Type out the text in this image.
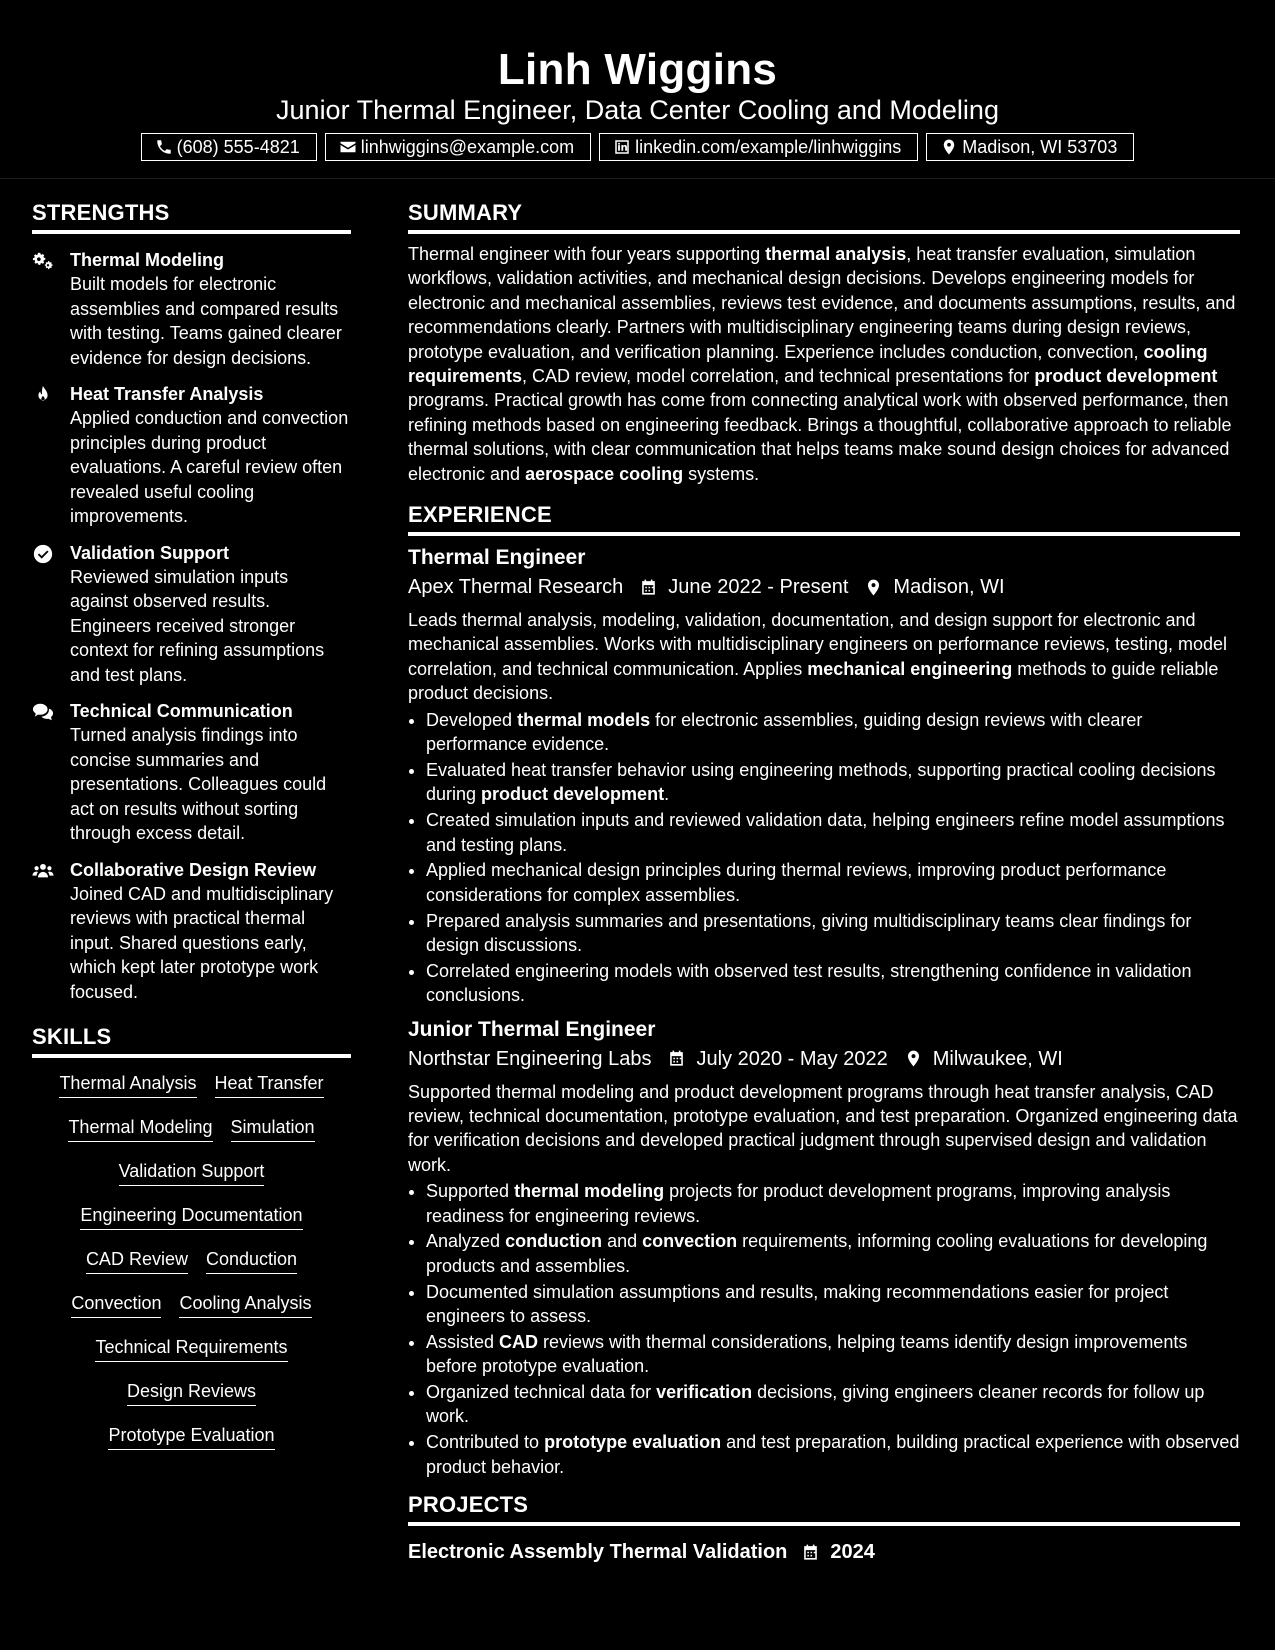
Linh Wiggins
Junior Thermal Engineer, Data Center Cooling and Modeling
(608) 555-4821	linhwiggins@example.com	linkedin.com/example/linhwiggins	Madison, WI 53703
STRENGTHS
Thermal Modeling
Built models for electronic assemblies and compared results with testing. Teams gained clearer evidence for design decisions.
Heat Transfer Analysis
Applied conduction and convection principles during product evaluations. A careful review often revealed useful cooling improvements.
Validation Support
Reviewed simulation inputs against observed results. Engineers received stronger context for refining assumptions and test plans.
Technical Communication
Turned analysis findings into concise summaries and presentations. Colleagues could act on results without sorting through excess detail.
Collaborative Design Review
Joined CAD and multidisciplinary reviews with practical thermal input. Shared questions early, which kept later prototype work focused.
SKILLS
Thermal Analysis Heat Transfer
Thermal Modeling Simulation
Validation Support
Engineering Documentation
CAD Review Conduction
Convection Cooling Analysis
Technical Requirements
Design Reviews
Prototype Evaluation
SUMMARY
Thermal engineer with four years supporting thermal analysis, heat transfer evaluation, simulation workflows, validation activities, and mechanical design decisions. Develops engineering models for electronic and mechanical assemblies, reviews test evidence, and documents assumptions, results, and recommendations clearly. Partners with multidisciplinary engineering teams during design reviews, prototype evaluation, and verification planning. Experience includes conduction, convection, cooling requirements, CAD review, model correlation, and technical presentations for product development programs. Practical growth has come from connecting analytical work with observed performance, then refining methods based on engineering feedback. Brings a thoughtful, collaborative approach to reliable thermal solutions, with clear communication that helps teams make sound design choices for advanced electronic and aerospace cooling systems.
EXPERIENCE
Thermal Engineer
Apex Thermal Research June 2022 - Present Madison, WI
Leads thermal analysis, modeling, validation, documentation, and design support for electronic and mechanical assemblies. Works with multidisciplinary engineers on performance reviews, testing, model correlation, and technical communication. Applies mechanical engineering methods to guide reliable product decisions.
• Developed thermal models for electronic assemblies, guiding design reviews with clearer performance evidence.
• Evaluated heat transfer behavior using engineering methods, supporting practical cooling decisions during product development.
• Created simulation inputs and reviewed validation data, helping engineers refine model assumptions and testing plans.
• Applied mechanical design principles during thermal reviews, improving product performance considerations for complex assemblies.
• Prepared analysis summaries and presentations, giving multidisciplinary teams clear findings for design discussions.
• Correlated engineering models with observed test results, strengthening confidence in validation conclusions.
Junior Thermal Engineer
Northstar Engineering Labs July 2020 - May 2022 Milwaukee, WI
Supported thermal modeling and product development programs through heat transfer analysis, CAD review, technical documentation, prototype evaluation, and test preparation. Organized engineering data for verification decisions and developed practical judgment through supervised design and validation work.
• Supported thermal modeling projects for product development programs, improving analysis readiness for engineering reviews.
• Analyzed conduction and convection requirements, informing cooling evaluations for developing products and assemblies.
• Documented simulation assumptions and results, making recommendations easier for project engineers to assess.
• Assisted CAD reviews with thermal considerations, helping teams identify design improvements before prototype evaluation.
• Organized technical data for verification decisions, giving engineers cleaner records for follow up work.
• Contributed to prototype evaluation and test preparation, building practical experience with observed product behavior.
PROJECTS
Electronic Assembly Thermal Validation 2024
